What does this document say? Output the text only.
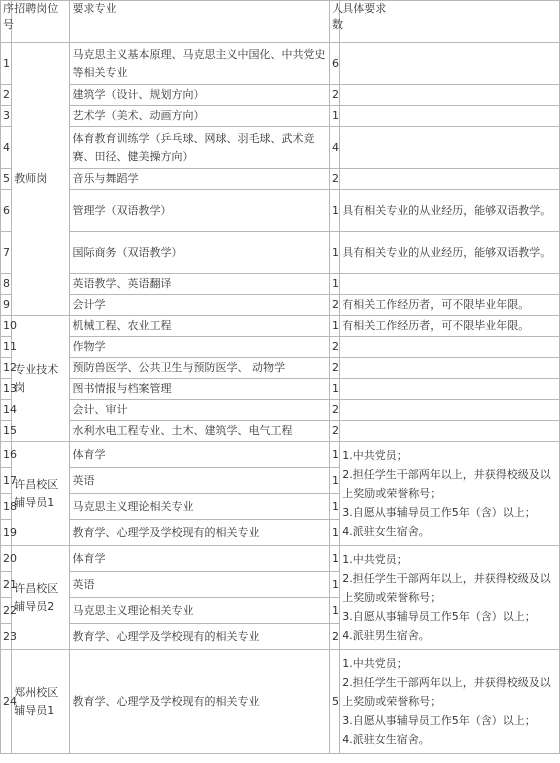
序号	招聘岗位	要求专业	人数	具体要求
1	教师岗	马克思主义基本原理、马克思主义中国化、中共党史等相关专业	6	
2		建筑学（设计、规划方向）	2	
3		艺术学（美术、动画方向）	1	
4		体育教育训练学（乒乓球、网球、羽毛球、武术竞赛、田径、健美操方向）	4	
5		音乐与舞蹈学	2	
6		管理学（双语教学）	1	具有相关专业的从业经历，能够双语教学。
7		国际商务（双语教学）	1	具有相关专业的从业经历，能够双语教学。
8		英语教学、英语翻译	1	
9		会计学	2	有相关工作经历者，可不限毕业年限。
10	专业技术岗	机械工程、农业工程	1	有相关工作经历者，可不限毕业年限。
11		作物学	2	
12		预防兽医学、公共卫生与预防医学、 动物学	2	
13		图书情报与档案管理	1	
14		会计、审计	2	
15		水利水电工程专业、土木、建筑学、电气工程	2	
16	许昌校区辅导员1	体育学	1	1.中共党员；
2.担任学生干部两年以上，并获得校级及以上奖励或荣誉称号；
3.自愿从事辅导员工作5年（含）以上；
4.派驻女生宿舍。

17		英语	1	
18		马克思主义理论相关专业	1	
19		教育学、心理学及学校现有的相关专业	1	
20	许昌校区辅导员2	体育学	1	1.中共党员；
2.担任学生干部两年以上，并获得校级及以上奖励或荣誉称号；
3.自愿从事辅导员工作5年（含）以上；
4.派驻男生宿舍。

21		英语	1	
22		马克思主义理论相关专业	1	
23		教育学、心理学及学校现有的相关专业	2	
24	郑州校区辅导员1	教育学、心理学及学校现有的相关专业	5	1.中共党员；
2.担任学生干部两年以上，并获得校级及以上奖励或荣誉称号；
3.自愿从事辅导员工作5年（含）以上；
4.派驻女生宿舍。
